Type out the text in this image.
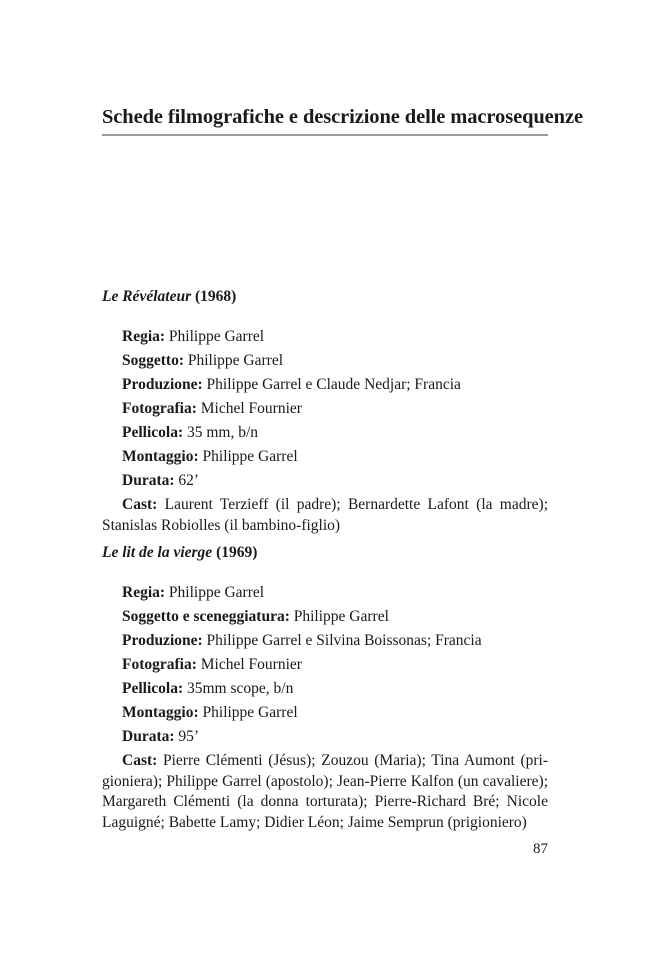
Schede filmografiche e descrizione delle macrosequenze

Le Révélateur (1968)

Regia: Philippe Garrel
Soggetto: Philippe Garrel
Produzione: Philippe Garrel e Claude Nedjar; Francia
Fotografia: Michel Fournier
Pellicola: 35 mm, b/n
Montaggio: Philippe Garrel
Durata: 62’
Cast: Laurent Terzieff (il padre); Bernardette Lafont (la madre); Stanislas Robiolles (il bambino-figlio)

Le lit de la vierge (1969)

Regia: Philippe Garrel
Soggetto e sceneggiatura: Philippe Garrel
Produzione: Philippe Garrel e Silvina Boissonas; Francia
Fotografia: Michel Fournier
Pellicola: 35mm scope, b/n
Montaggio: Philippe Garrel
Durata: 95’
Cast: Pierre Clémenti (Jésus); Zouzou (Maria); Tina Aumont (pri-gioniera); Philippe Garrel (apostolo); Jean-Pierre Kalfon (un cavaliere); Margareth Clémenti (la donna torturata); Pierre-Richard Bré; Nicole Laguigné; Babette Lamy; Didier Léon; Jaime Semprun (prigioniero)
87
